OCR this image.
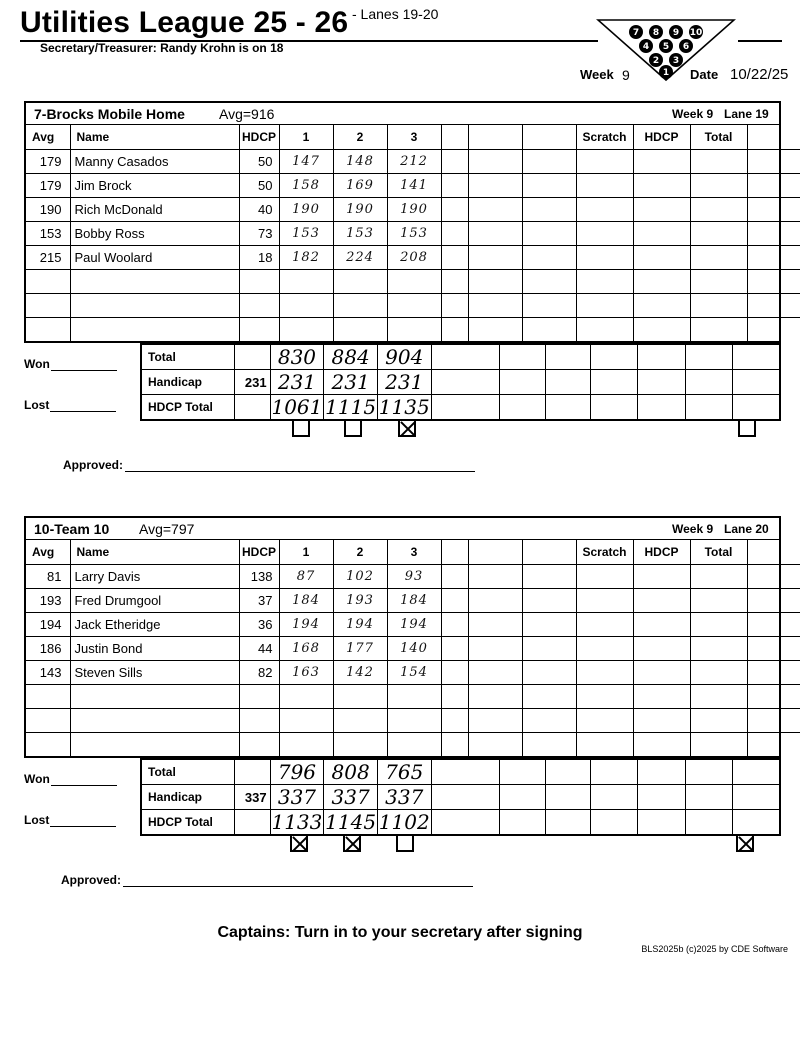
Utilities League 25 - 26 - Lanes 19-20
Secretary/Treasurer: Randy Krohn is on 18
7 8 9 10
4 5 6
2 3
1
Week 9	Date 10/22/25
7-Brocks Mobile Home Avg=916	Week 9 Lane 19
Avg	Name	HDCP	1	2	3				Scratch	HDCP	Total	
179	Manny Casados	50	147	148	212							
179	Jim Brock	50	158	169	141							
190	Rich McDonald	40	190	190	190							
153	Bobby Ross	73	153	153	153							
215	Paul Woolard	18	182	224	208							

Won
Lost
Total		830	884	904							
Handicap	231	231	231	231							
HDCP Total		1061	1115	1135							
Approved:
10-Team 10 Avg=797	Week 9 Lane 20
Avg	Name	HDCP	1	2	3				Scratch	HDCP	Total	
81	Larry Davis	138	87	102	93							
193	Fred Drumgool	37	184	193	184							
194	Jack Etheridge	36	194	194	194							
186	Justin Bond	44	168	177	140							
143	Steven Sills	82	163	142	154							

Won
Lost
Total		796	808	765							
Handicap	337	337	337	337							
HDCP Total		1133	1145	1102							
Approved:
Captains: Turn in to your secretary after signing
BLS2025b (c)2025 by CDE Software
